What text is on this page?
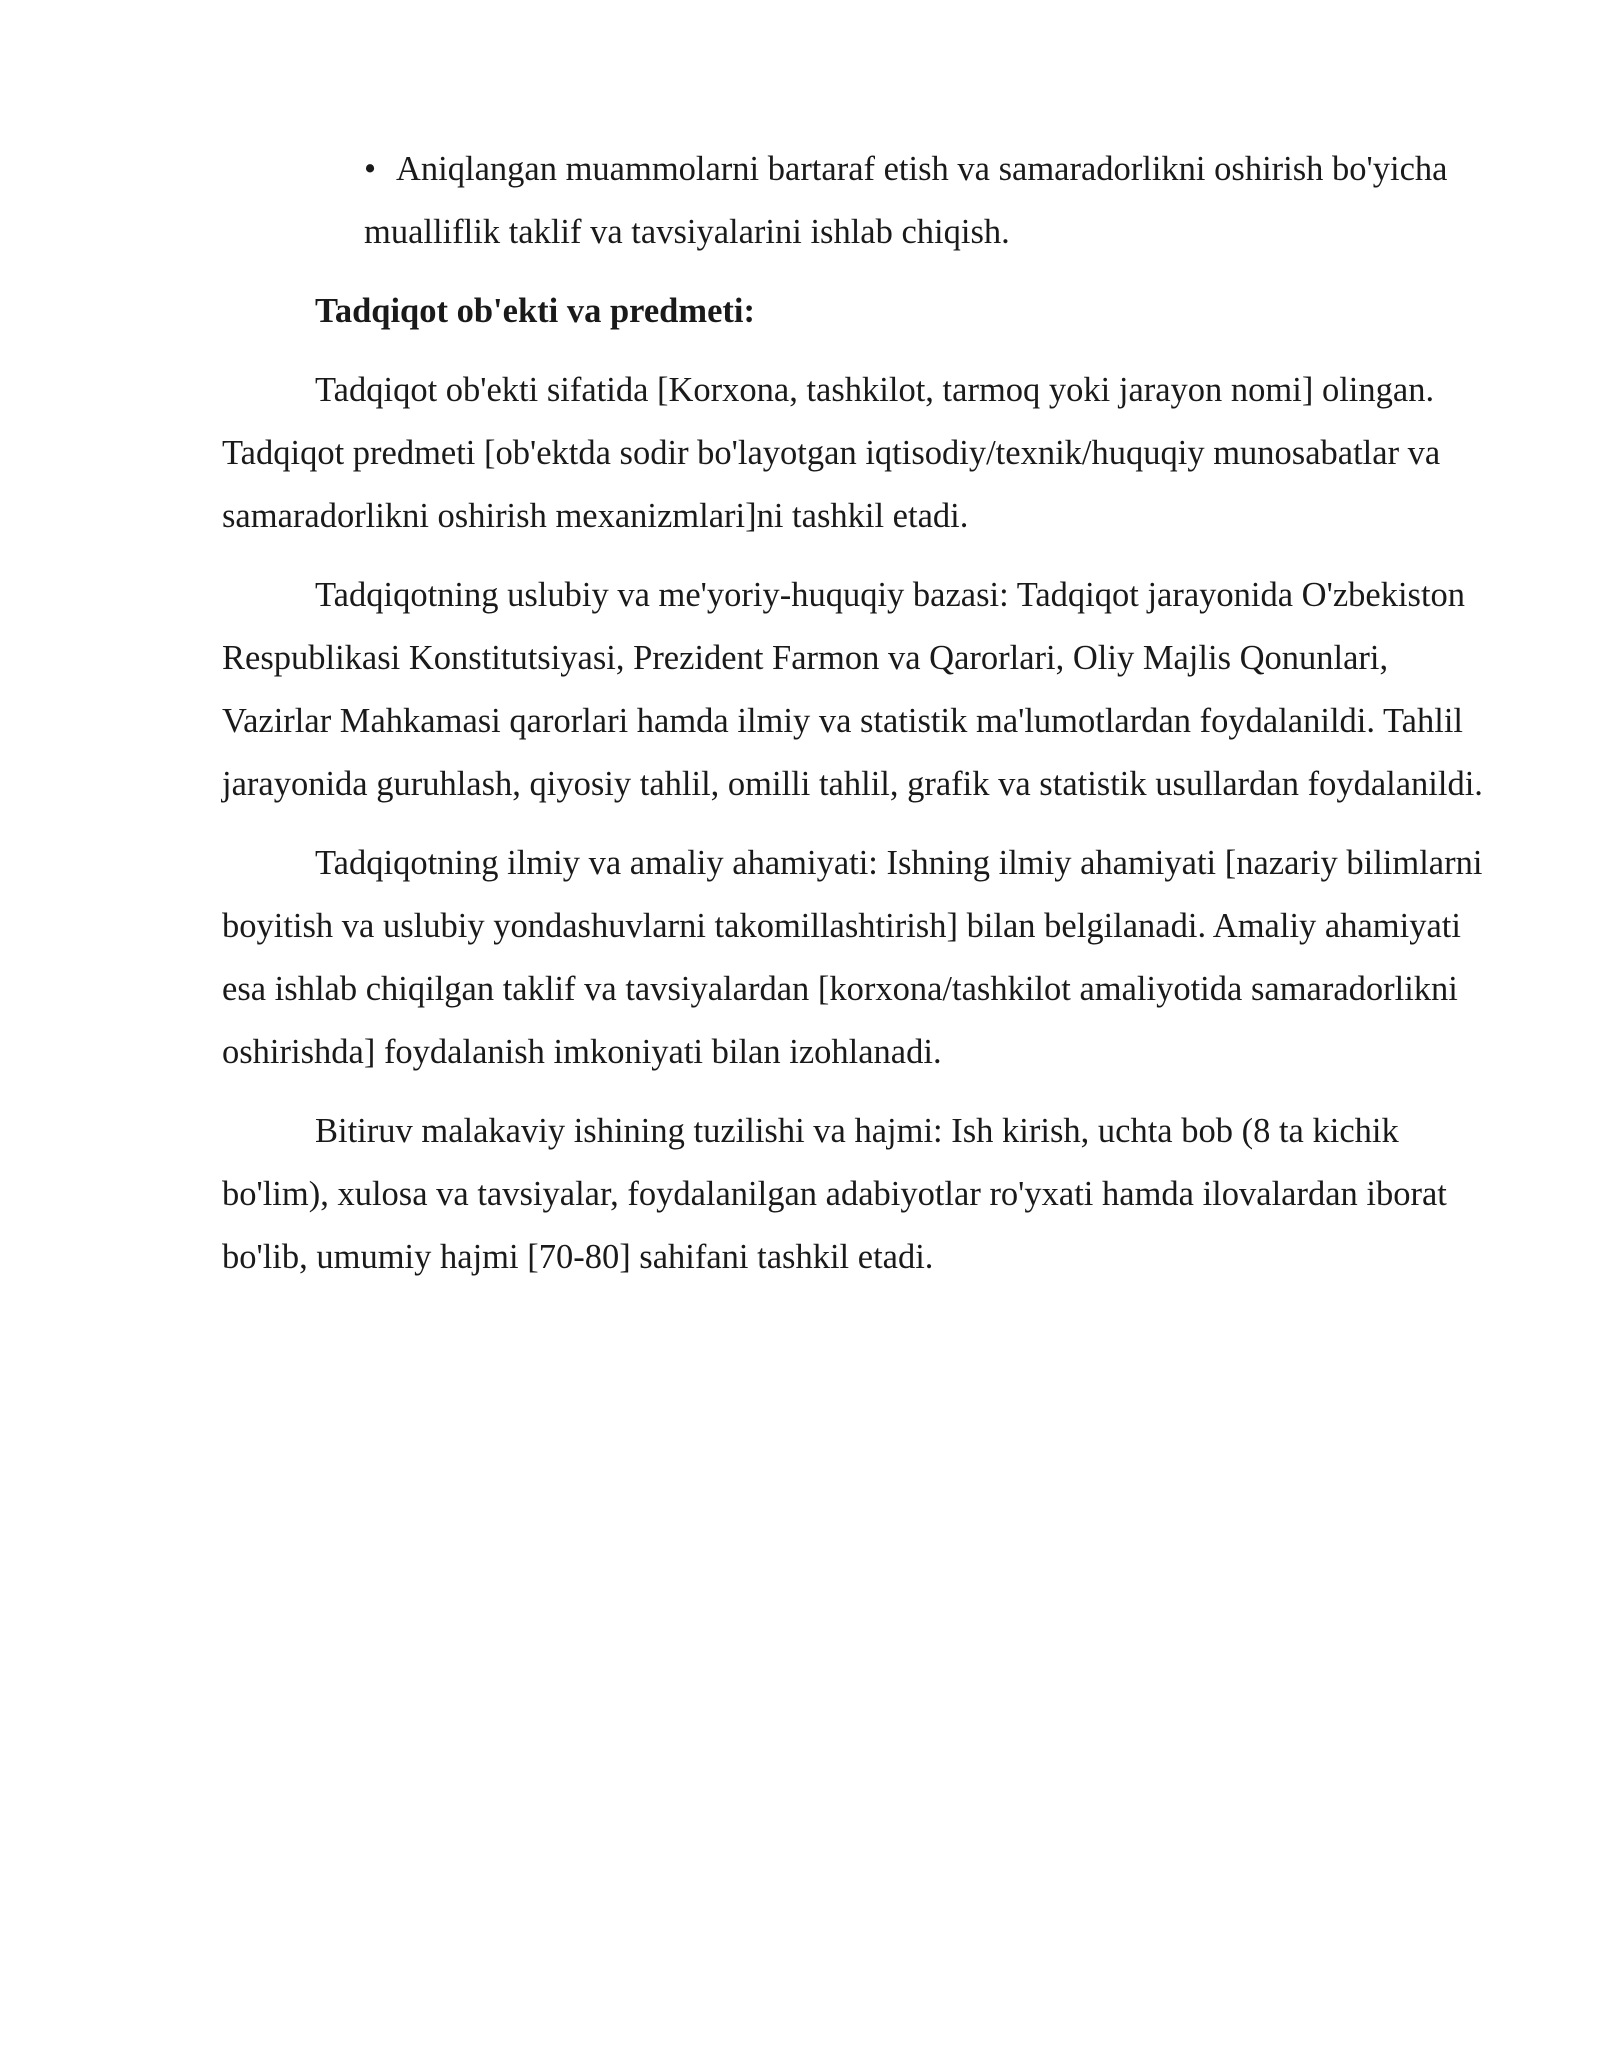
• Aniqlangan muammolarni bartaraf etish va samaradorlikni oshirish bo'yicha mualliflik taklif va tavsiyalarini ishlab chiqish.
Tadqiqot ob'ekti va predmeti:

Tadqiqot ob'ekti sifatida [Korxona, tashkilot, tarmoq yoki jarayon nomi] olingan. Tadqiqot predmeti [ob'ektda sodir bo'layotgan iqtisodiy/texnik/huquqiy munosabatlar va samaradorlikni oshirish mexanizmlari]ni tashkil etadi.

Tadqiqotning uslubiy va me'yoriy-huquqiy bazasi: Tadqiqot jarayonida O'zbekiston Respublikasi Konstitutsiyasi, Prezident Farmon va Qarorlari, Oliy Majlis Qonunlari, Vazirlar Mahkamasi qarorlari hamda ilmiy va statistik ma'lumotlardan foydalanildi. Tahlil jarayonida guruhlash, qiyosiy tahlil, omilli tahlil, grafik va statistik usullardan foydalanildi.

Tadqiqotning ilmiy va amaliy ahamiyati: Ishning ilmiy ahamiyati [nazariy bilimlarni boyitish va uslubiy yondashuvlarni takomillashtirish] bilan belgilanadi. Amaliy ahamiyati esa ishlab chiqilgan taklif va tavsiyalardan [korxona/tashkilot amaliyotida samaradorlikni oshirishda] foydalanish imkoniyati bilan izohlanadi.

Bitiruv malakaviy ishining tuzilishi va hajmi: Ish kirish, uchta bob (8 ta kichik bo'lim), xulosa va tavsiyalar, foydalanilgan adabiyotlar ro'yxati hamda ilovalardan iborat bo'lib, umumiy hajmi [70-80] sahifani tashkil etadi.
